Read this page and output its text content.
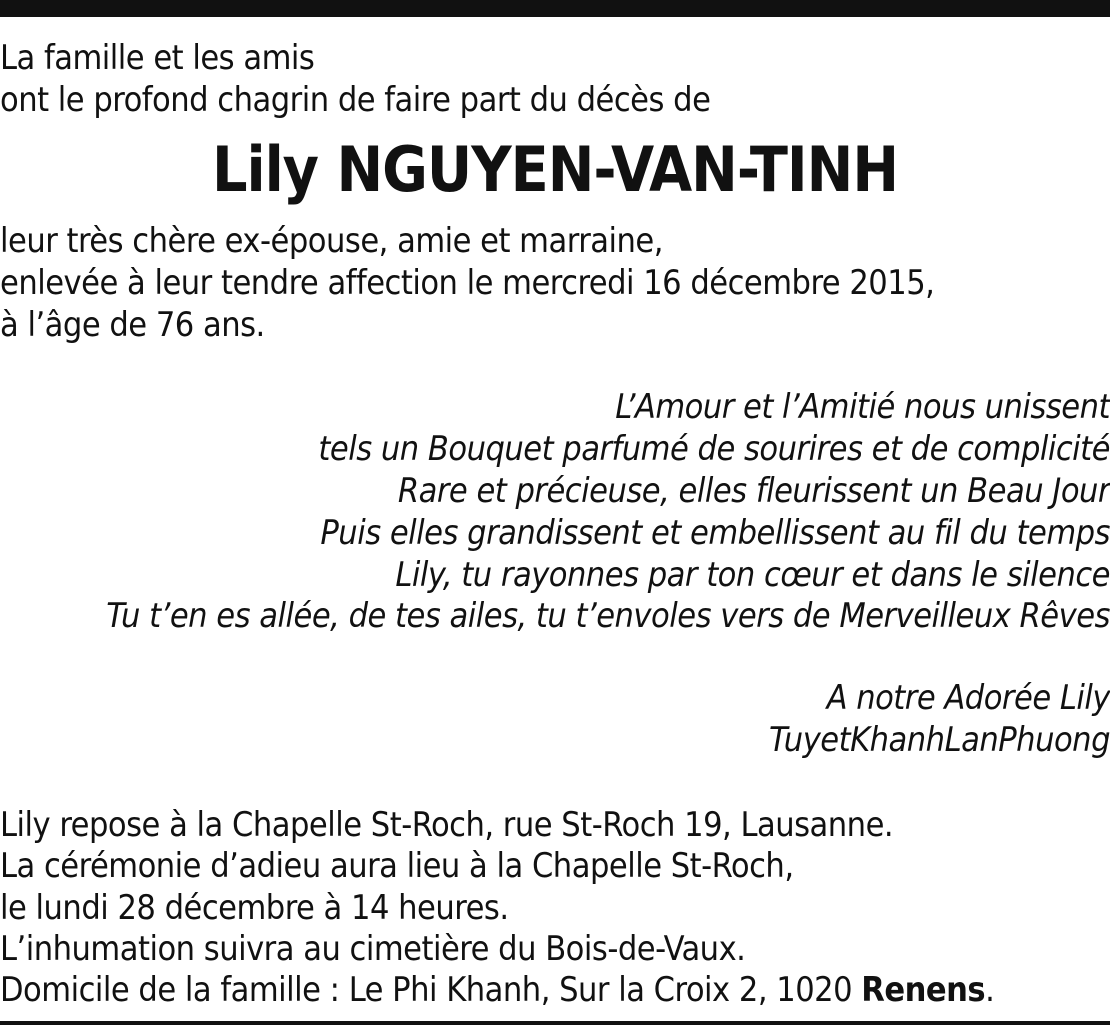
La famille et les amis
ont le profond chagrin de faire part du décès de
Lily NGUYEN-VAN-TINH
leur très chère ex-épouse, amie et marraine,
enlevée à leur tendre affection le mercredi 16 décembre 2015,
à l’âge de 76 ans.
L’Amour et l’Amitié nous unissent
tels un Bouquet parfumé de sourires et de complicité
Rare et précieuse, elles fleurissent un Beau Jour
Puis elles grandissent et embellissent au fil du temps
Lily, tu rayonnes par ton cœur et dans le silence
Tu t’en es allée, de tes ailes, tu t’envoles vers de Merveilleux Rêves
A notre Adorée Lily
TuyetKhanhLanPhuong
Lily repose à la Chapelle St-Roch, rue St-Roch 19, Lausanne.
La cérémonie d’adieu aura lieu à la Chapelle St-Roch,
le lundi 28 décembre à 14 heures.
L’inhumation suivra au cimetière du Bois-de-Vaux.
Domicile de la famille : Le Phi Khanh, Sur la Croix 2, 1020 Renens.
